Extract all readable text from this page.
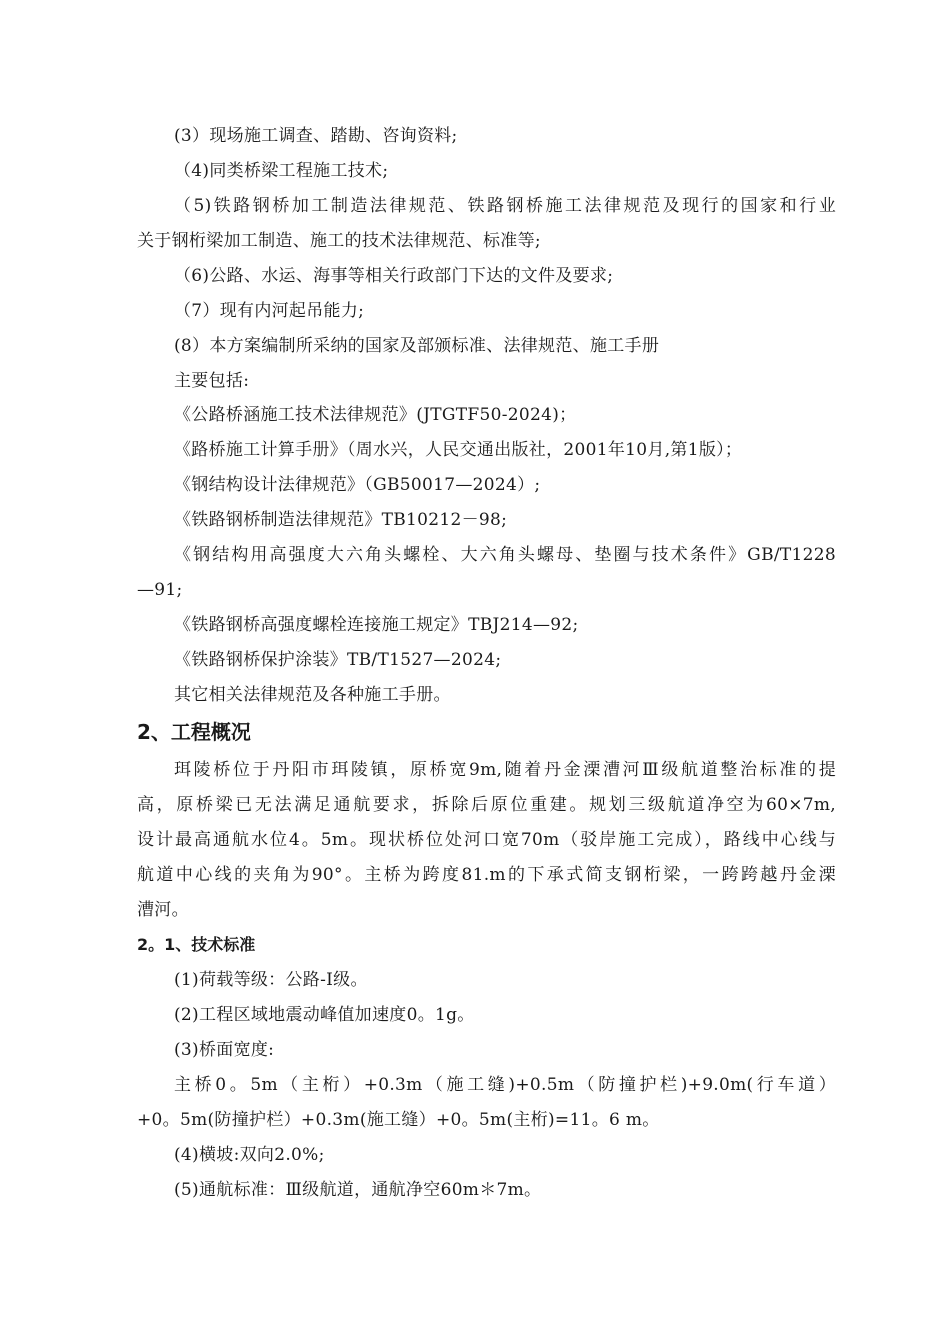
(3）现场施工调查、踏勘、咨询资料;
（4)同类桥梁工程施工技术;
（5)铁路钢桥加工制造法律规范、铁路钢桥施工法律规范及现行的国家和行业
关于钢桁梁加工制造、施工的技术法律规范、标准等;
（6)公路、水运、海事等相关行政部门下达的文件及要求;
（7）现有内河起吊能力;
(8）本方案编制所采纳的国家及部颁标准、法律规范、施工手册
主要包括:
《公路桥涵施工技术法律规范》(JTGTF50-2024)；
《路桥施工计算手册》（周水兴，人民交通出版社，2001年10月,第1版）；
《钢结构设计法律规范》（GB50017—2024）;
《铁路钢桥制造法律规范》TB10212－98;
《钢结构用高强度大六角头螺栓、大六角头螺母、垫圈与技术条件》GB/T1228
—91;
《铁路钢桥高强度螺栓连接施工规定》TBJ214—92;
《铁路钢桥保护涂装》TB/T1527—2024;
其它相关法律规范及各种施工手册。
2、工程概况
珥陵桥位于丹阳市珥陵镇，原桥宽9m,随着丹金溧漕河Ⅲ级航道整治标准的提
高，原桥梁已无法满足通航要求，拆除后原位重建。规划三级航道净空为60×7m,
设计最高通航水位4。5m。现状桥位处河口宽70m（驳岸施工完成），路线中心线与
航道中心线的夹角为90°。主桥为跨度81.m的下承式简支钢桁梁，一跨跨越丹金溧
漕河。
2。1、技术标准
(1)荷载等级：公路-Ⅰ级。
(2)工程区域地震动峰值加速度0。1g。
(3)桥面宽度:
主桥0。5m（主桁）+0.3m（施工缝)+0.5m（防撞护栏)+9.0m(行车道）
+0。5m(防撞护栏）+0.3m(施工缝）+0。5m(主桁)=11。6 m。
(4)横坡:双向2.0%;
(5)通航标准：Ⅲ级航道，通航净空60m＊7m。
